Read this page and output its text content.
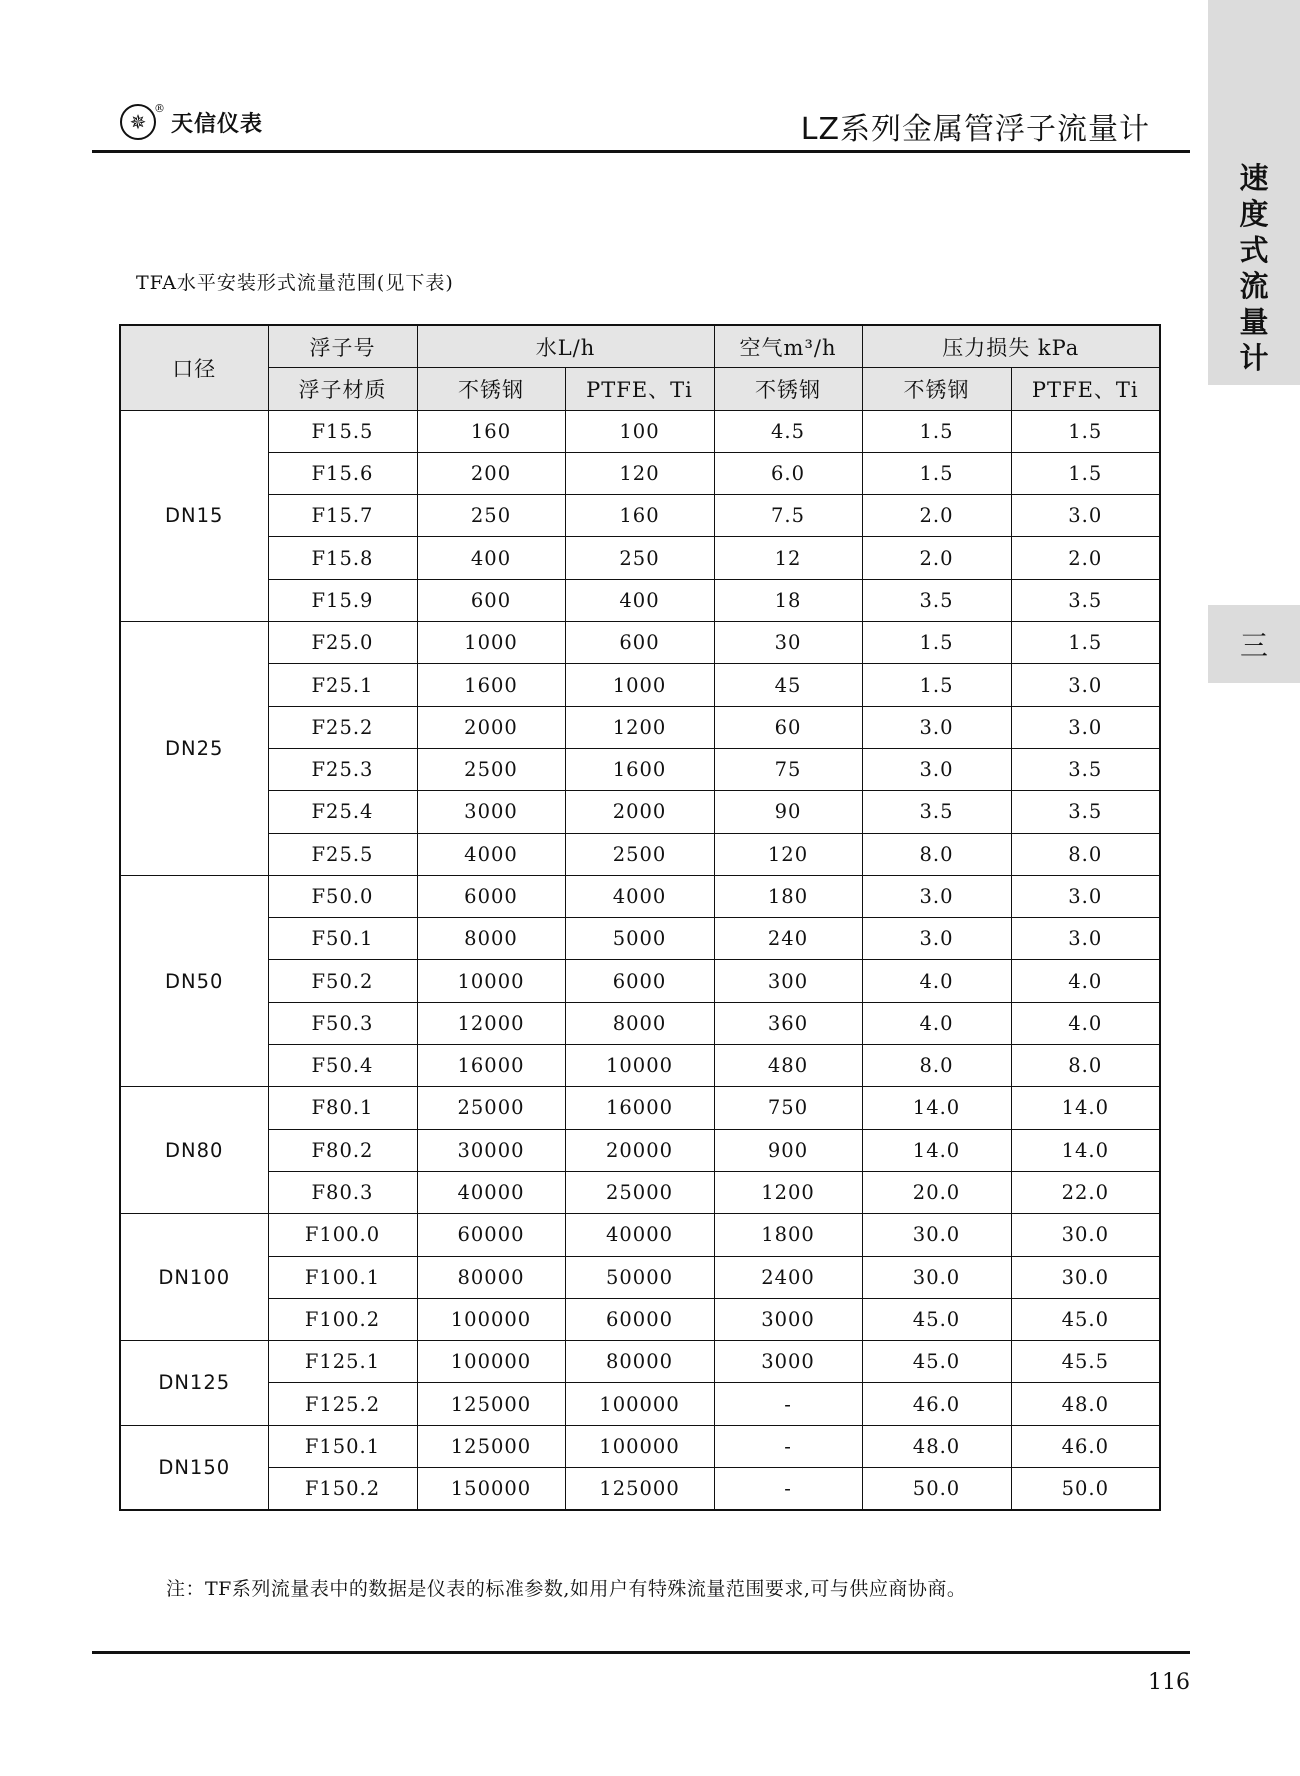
✵
®
天信仪表	LZ系列金属管浮子流量计
速
度
式
流
量
计
三
TFA水平安装形式流量范围(见下表)
口径	浮子号	水L/h		空气m³/h	压力损失 kPa	
	浮子材质	不锈钢	PTFE、Ti	不锈钢	不锈钢	PTFE、Ti
DN15	F15.5	160	100	4.5	1.5	1.5
	F15.6	200	120	6.0	1.5	1.5
	F15.7	250	160	7.5	2.0	3.0
	F15.8	400	250	12	2.0	2.0
	F15.9	600	400	18	3.5	3.5
DN25	F25.0	1000	600	30	1.5	1.5
	F25.1	1600	1000	45	1.5	3.0
	F25.2	2000	1200	60	3.0	3.0
	F25.3	2500	1600	75	3.0	3.5
	F25.4	3000	2000	90	3.5	3.5
	F25.5	4000	2500	120	8.0	8.0
DN50	F50.0	6000	4000	180	3.0	3.0
	F50.1	8000	5000	240	3.0	3.0
	F50.2	10000	6000	300	4.0	4.0
	F50.3	12000	8000	360	4.0	4.0
	F50.4	16000	10000	480	8.0	8.0
DN80	F80.1	25000	16000	750	14.0	14.0
	F80.2	30000	20000	900	14.0	14.0
	F80.3	40000	25000	1200	20.0	22.0
DN100	F100.0	60000	40000	1800	30.0	30.0
	F100.1	80000	50000	2400	30.0	30.0
	F100.2	100000	60000	3000	45.0	45.0
DN125	F125.1	100000	80000	3000	45.0	45.5
	F125.2	125000	100000	-	46.0	48.0
DN150	F150.1	125000	100000	-	48.0	46.0
	F150.2	150000	125000	-	50.0	50.0
注：TF系列流量表中的数据是仪表的标准参数,如用户有特殊流量范围要求,可与供应商协商。
116
